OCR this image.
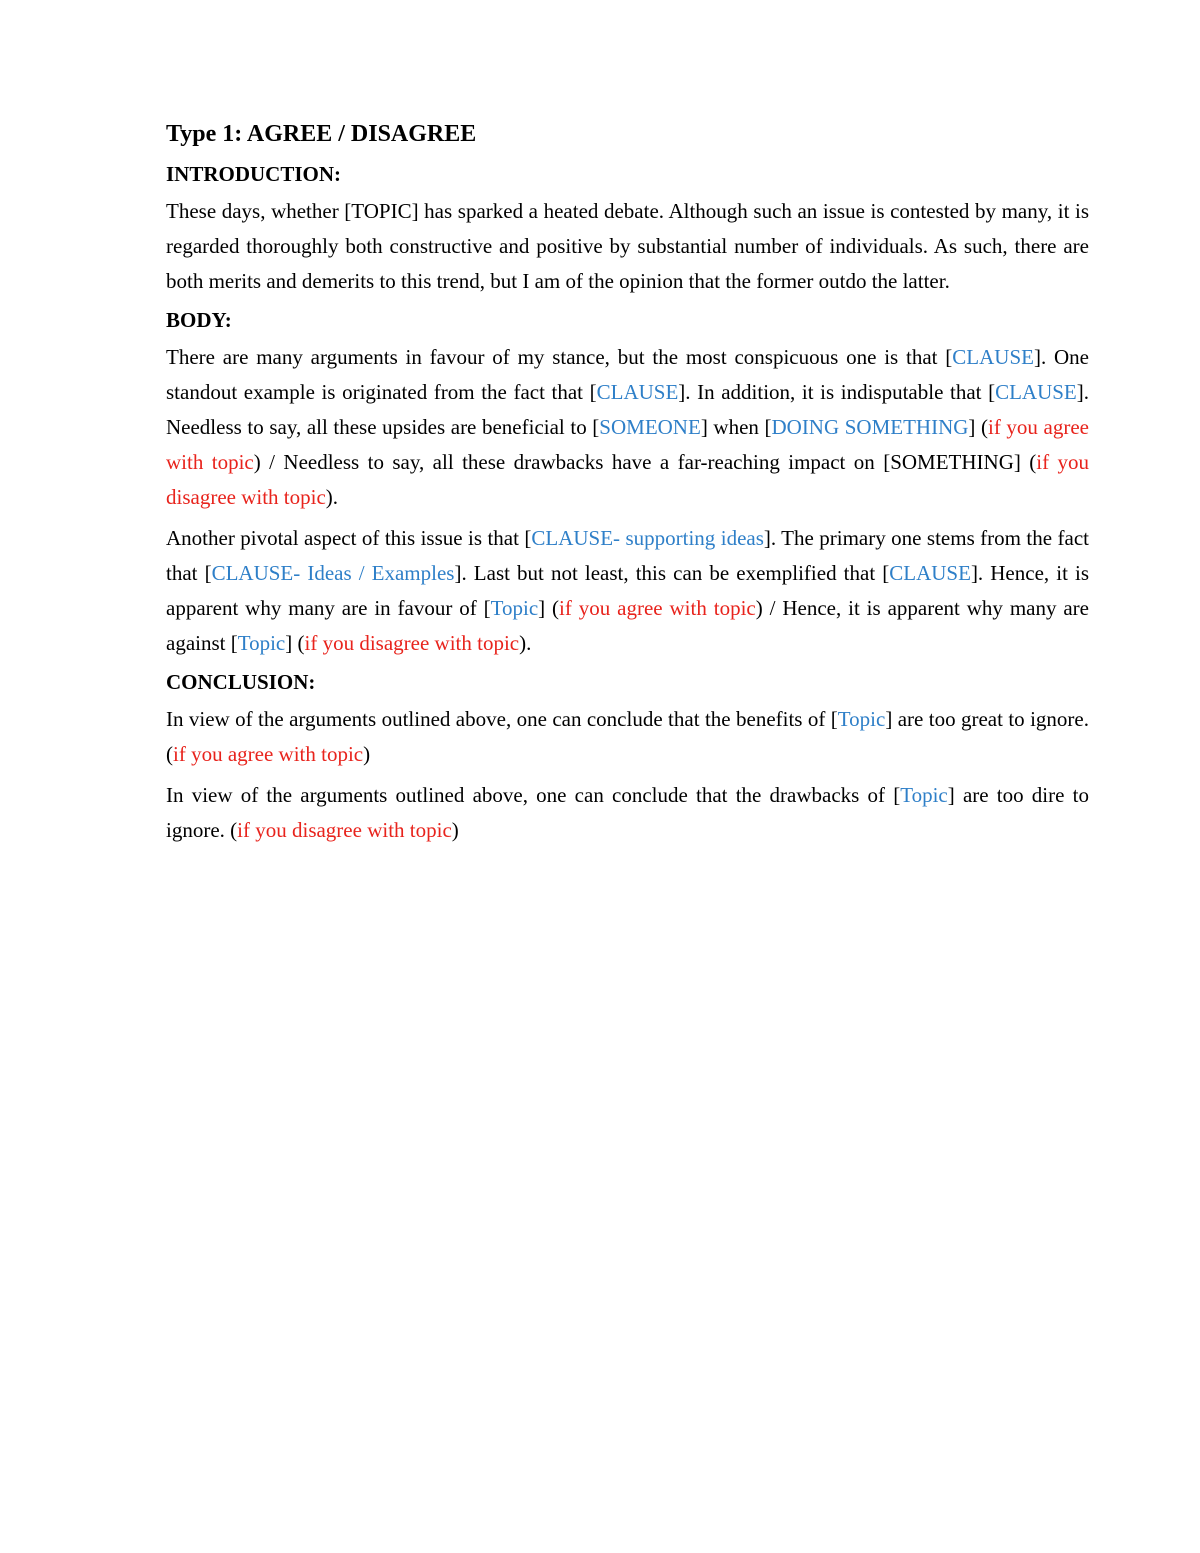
Type 1: AGREE / DISAGREE
INTRODUCTION:

These days, whether [TOPIC] has sparked a heated debate. Although such an issue is contested by many, it is regarded thoroughly both constructive and positive by substantial number of individuals. As such, there are both merits and demerits to this trend, but I am of the opinion that the former outdo the latter.

BODY:

There are many arguments in favour of my stance, but the most conspicuous one is that [CLAUSE]. One standout example is originated from the fact that [CLAUSE]. In addition, it is indisputable that [CLAUSE]. Needless to say, all these upsides are beneficial to [SOMEONE] when [DOING SOMETHING] (if you agree with topic) / Needless to say, all these drawbacks have a far-reaching impact on [SOMETHING] (if you disagree with topic).

Another pivotal aspect of this issue is that [CLAUSE- supporting ideas]. The primary one stems from the fact that [CLAUSE- Ideas / Examples]. Last but not least, this can be exemplified that [CLAUSE]. Hence, it is apparent why many are in favour of [Topic] (if you agree with topic) / Hence, it is apparent why many are against [Topic] (if you disagree with topic).

CONCLUSION:

In view of the arguments outlined above, one can conclude that the benefits of [Topic] are too great to ignore. (if you agree with topic)

In view of the arguments outlined above, one can conclude that the drawbacks of [Topic] are too dire to ignore. (if you disagree with topic)
